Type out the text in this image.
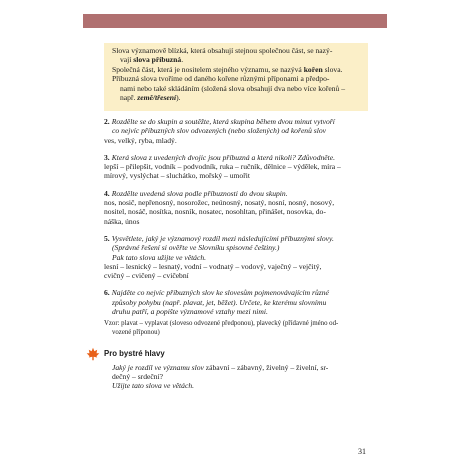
Slova významově blízká, která obsahují stejnou společnou část, se nazý-

vají slova příbuzná.

Společná část, která je nositelem stejného významu, se nazývá kořen slova.

Příbuzná slova tvoříme od daného kořene různými příponami a předpo-

nami nebo také skládáním (složená slova obsahují dva nebo více kořenů –

např. země/třesení).

2. Rozdělte se do skupin a soutěžte, která skupina během dvou minut vytvoří
co nejvíc příbuzných slov odvozených (nebo složených) od kořenů slov
ves, velký, ryba, mladý.
3. Která slova z uvedených dvojic jsou příbuzná a která nikoli? Zdůvodněte.
lepší – přilepšit, vodník – podvodník, ruka – ručník, dělnice – výdělek, míra –
mírový, vyslýchat – sluchátko, mořský – umořit
4. Rozdělte uvedená slova podle příbuznosti do dvou skupin.
nos, nosič, nepřenosný, nosorožec, neúnosný, nosatý, nosní, nosný, nosový,
nositel, nosáč, nosítka, nosník, nosatec, nosohltan, přinášet, nosovka, do-
náška, únos
5. Vysvětlete, jaký je významový rozdíl mezi následujícími příbuznými slovy.
(Správné řešení si ověřte ve Slovníku spisovné češtiny.)
Pak tato slova užijte ve větách.
lesní – lesnický – lesnatý, vodní – vodnatý – vodový, vaječný – vejčitý,
cvičný – cvičený – cvičební
6. Najděte co nejvíc příbuzných slov ke slovesům pojmenovávajícím různé
způsoby pohybu (např. plavat, jet, běžet). Určete, ke kterému slovnímu
druhu patří, a popište významové vztahy mezi nimi.

Vzor: plavat – vyplavat (sloveso odvozené předponou), plavecký (přídavné jméno od-
vozené příponou)

Pro bystré hlavy
Jaký je rozdíl ve významu slov zábavní – zábavný, živelný – živelní, sr-
dečný – srdeční?
Užijte tato slova ve větách.
31
